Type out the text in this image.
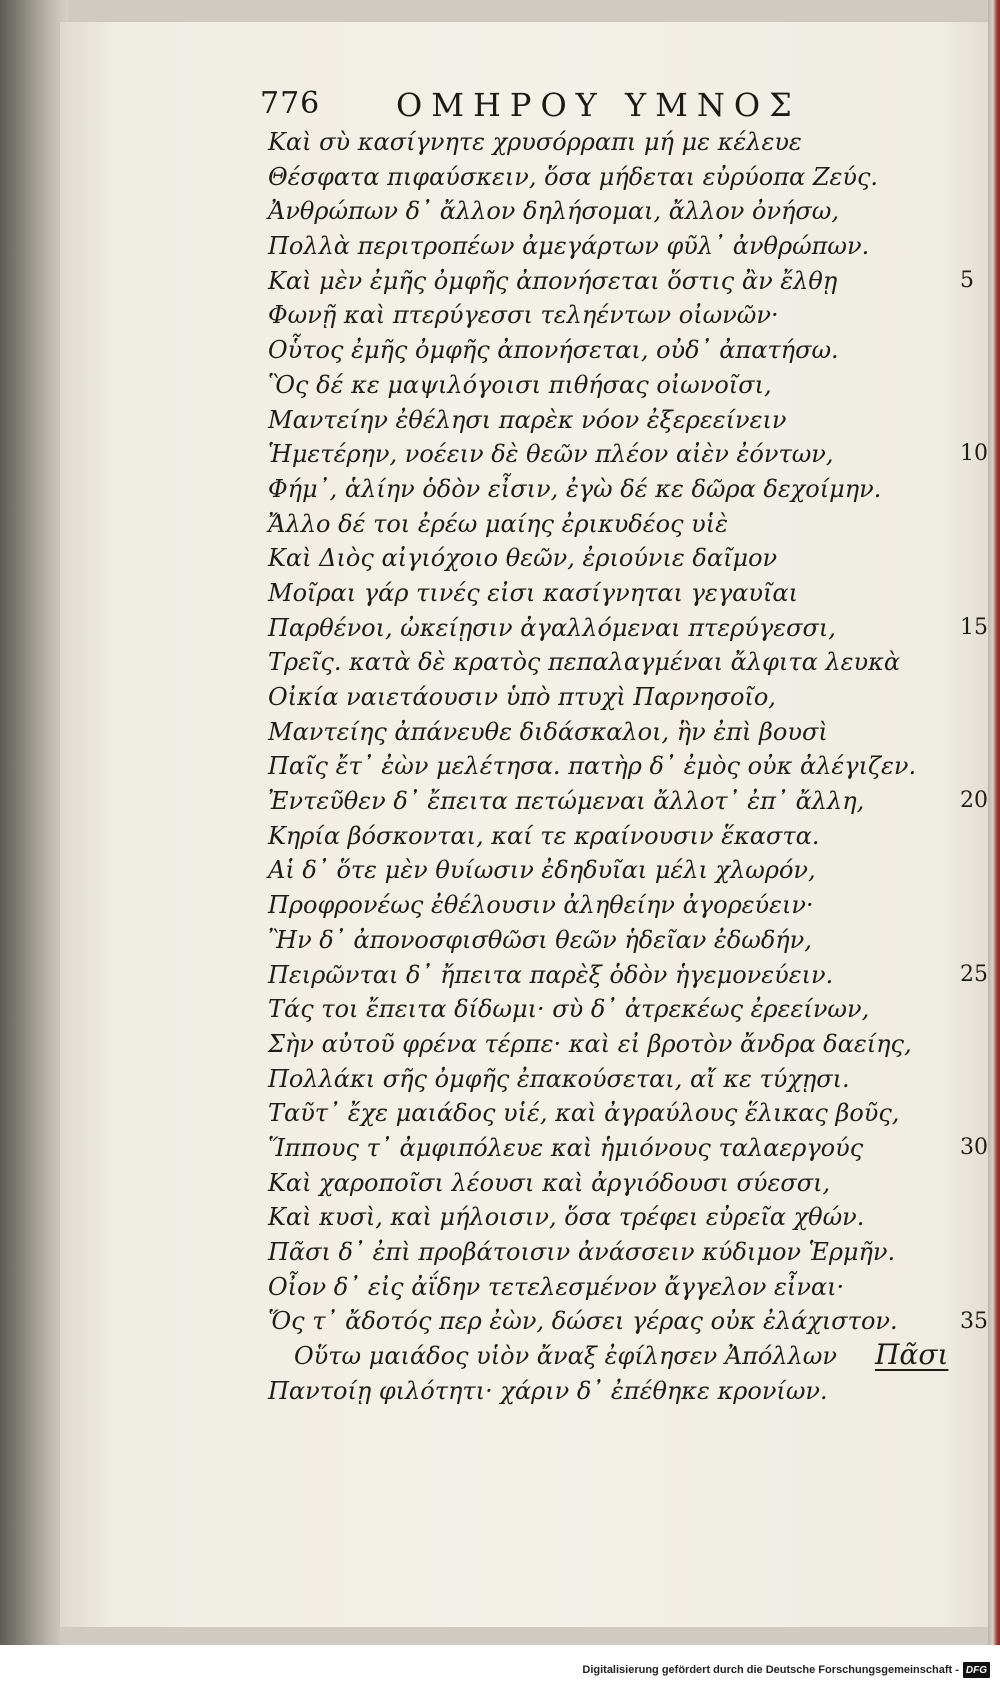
776 ΟΜΗΡΟΥ ΥΜΝΟΣ
Καὶ σὺ κασίγνητε χρυσόρραπι μή με κέλευε
Θέσφατα πιφαύσκειν, ὅσα μήδεται εὐρύοπα Ζεύς.
Ἀνθρώπων δ᾽ ἄλλον δηλήσομαι, ἄλλον ὀνήσω,
Πολλὰ περιτροπέων ἀμεγάρτων φῦλ᾽ ἀνθρώπων.
Καὶ μὲν ἐμῆς ὀμφῆς ἀπονήσεται ὅστις ἂν ἔλθῃ
Φωνῇ καὶ πτερύγεσσι τεληέντων οἰωνῶν·
Οὗτος ἐμῆς ὀμφῆς ἀπονήσεται, οὐδ᾽ ἀπατήσω.
Ὃς δέ κε μαψιλόγοισι πιθήσας οἰωνοῖσι,
Μαντείην ἐθέλησι παρὲκ νόον ἐξερεείνειν
Ἡμετέρην, νοέειν δὲ θεῶν πλέον αἰὲν ἐόντων,
Φήμ᾽, ἁλίην ὁδὸν εἶσιν, ἐγὼ δέ κε δῶρα δεχοίμην.
Ἄλλο δέ τοι ἐρέω μαίης ἐρικυδέος υἱὲ
Καὶ Διὸς αἰγιόχοιο θεῶν, ἐριούνιε δαῖμον
Μοῖραι γάρ τινές εἰσι κασίγνηται γεγαυῖαι
Παρθένοι, ὠκείῃσιν ἀγαλλόμεναι πτερύγεσσι,
Τρεῖς. κατὰ δὲ κρατὸς πεπαλαγμέναι ἄλφιτα λευκὰ
Οἰκία ναιετάουσιν ὑπὸ πτυχὶ Παρνησοῖο,
Μαντείης ἀπάνευθε διδάσκαλοι, ἣν ἐπὶ βουσὶ
Παῖς ἔτ᾽ ἐὼν μελέτησα. πατὴρ δ᾽ ἐμὸς οὐκ ἀλέγιζεν.
Ἐντεῦθεν δ᾽ ἔπειτα πετώμεναι ἄλλοτ᾽ ἐπ᾽ ἄλλη,
Κηρία βόσκονται, καί τε κραίνουσιν ἕκαστα.
Αἱ δ᾽ ὅτε μὲν θυίωσιν ἐδηδυῖαι μέλι χλωρόν,
Προφρονέως ἐθέλουσιν ἀληθείην ἀγορεύειν·
Ἢν δ᾽ ἀπονοσφισθῶσι θεῶν ἡδεῖαν ἐδωδήν,
Πειρῶνται δ᾽ ἤπειτα παρὲξ ὁδὸν ἡγεμονεύειν.
Τάς τοι ἔπειτα δίδωμι· σὺ δ᾽ ἀτρεκέως ἐρεείνων,
Σὴν αὐτοῦ φρένα τέρπε· καὶ εἰ βροτὸν ἄνδρα δαείης,
Πολλάκι σῆς ὀμφῆς ἐπακούσεται, αἴ κε τύχῃσι.
Ταῦτ᾽ ἔχε μαιάδος υἱέ, καὶ ἀγραύλους ἕλικας βοῦς,
Ἵππους τ᾽ ἀμφιπόλευε καὶ ἡμιόνους ταλαεργούς
Καὶ χαροποῖσι λέουσι καὶ ἀργιόδουσι σύεσσι,
Καὶ κυσὶ, καὶ μήλοισιν, ὅσα τρέφει εὐρεῖα χθών.
Πᾶσι δ᾽ ἐπὶ προβάτοισιν ἀνάσσειν κύδιμον Ἑρμῆν.
Οἶον δ᾽ εἰς ἀΐδην τετελεσμένον ἄγγελον εἶναι·
Ὅς τ᾽ ἄδοτός περ ἐὼν, δώσει γέρας οὐκ ἐλάχιστον.
Οὕτω μαιάδος υἱὸν ἄναξ ἐφίλησεν Ἀπόλλων
Παντοίῃ φιλότητι· χάριν δ᾽ ἐπέθηκε κρονίων.
5
10
15
20
25
30
35
Πᾶσι
Digitalisierung gefördert durch die Deutsche Forschungsgemeinschaft - DFG
